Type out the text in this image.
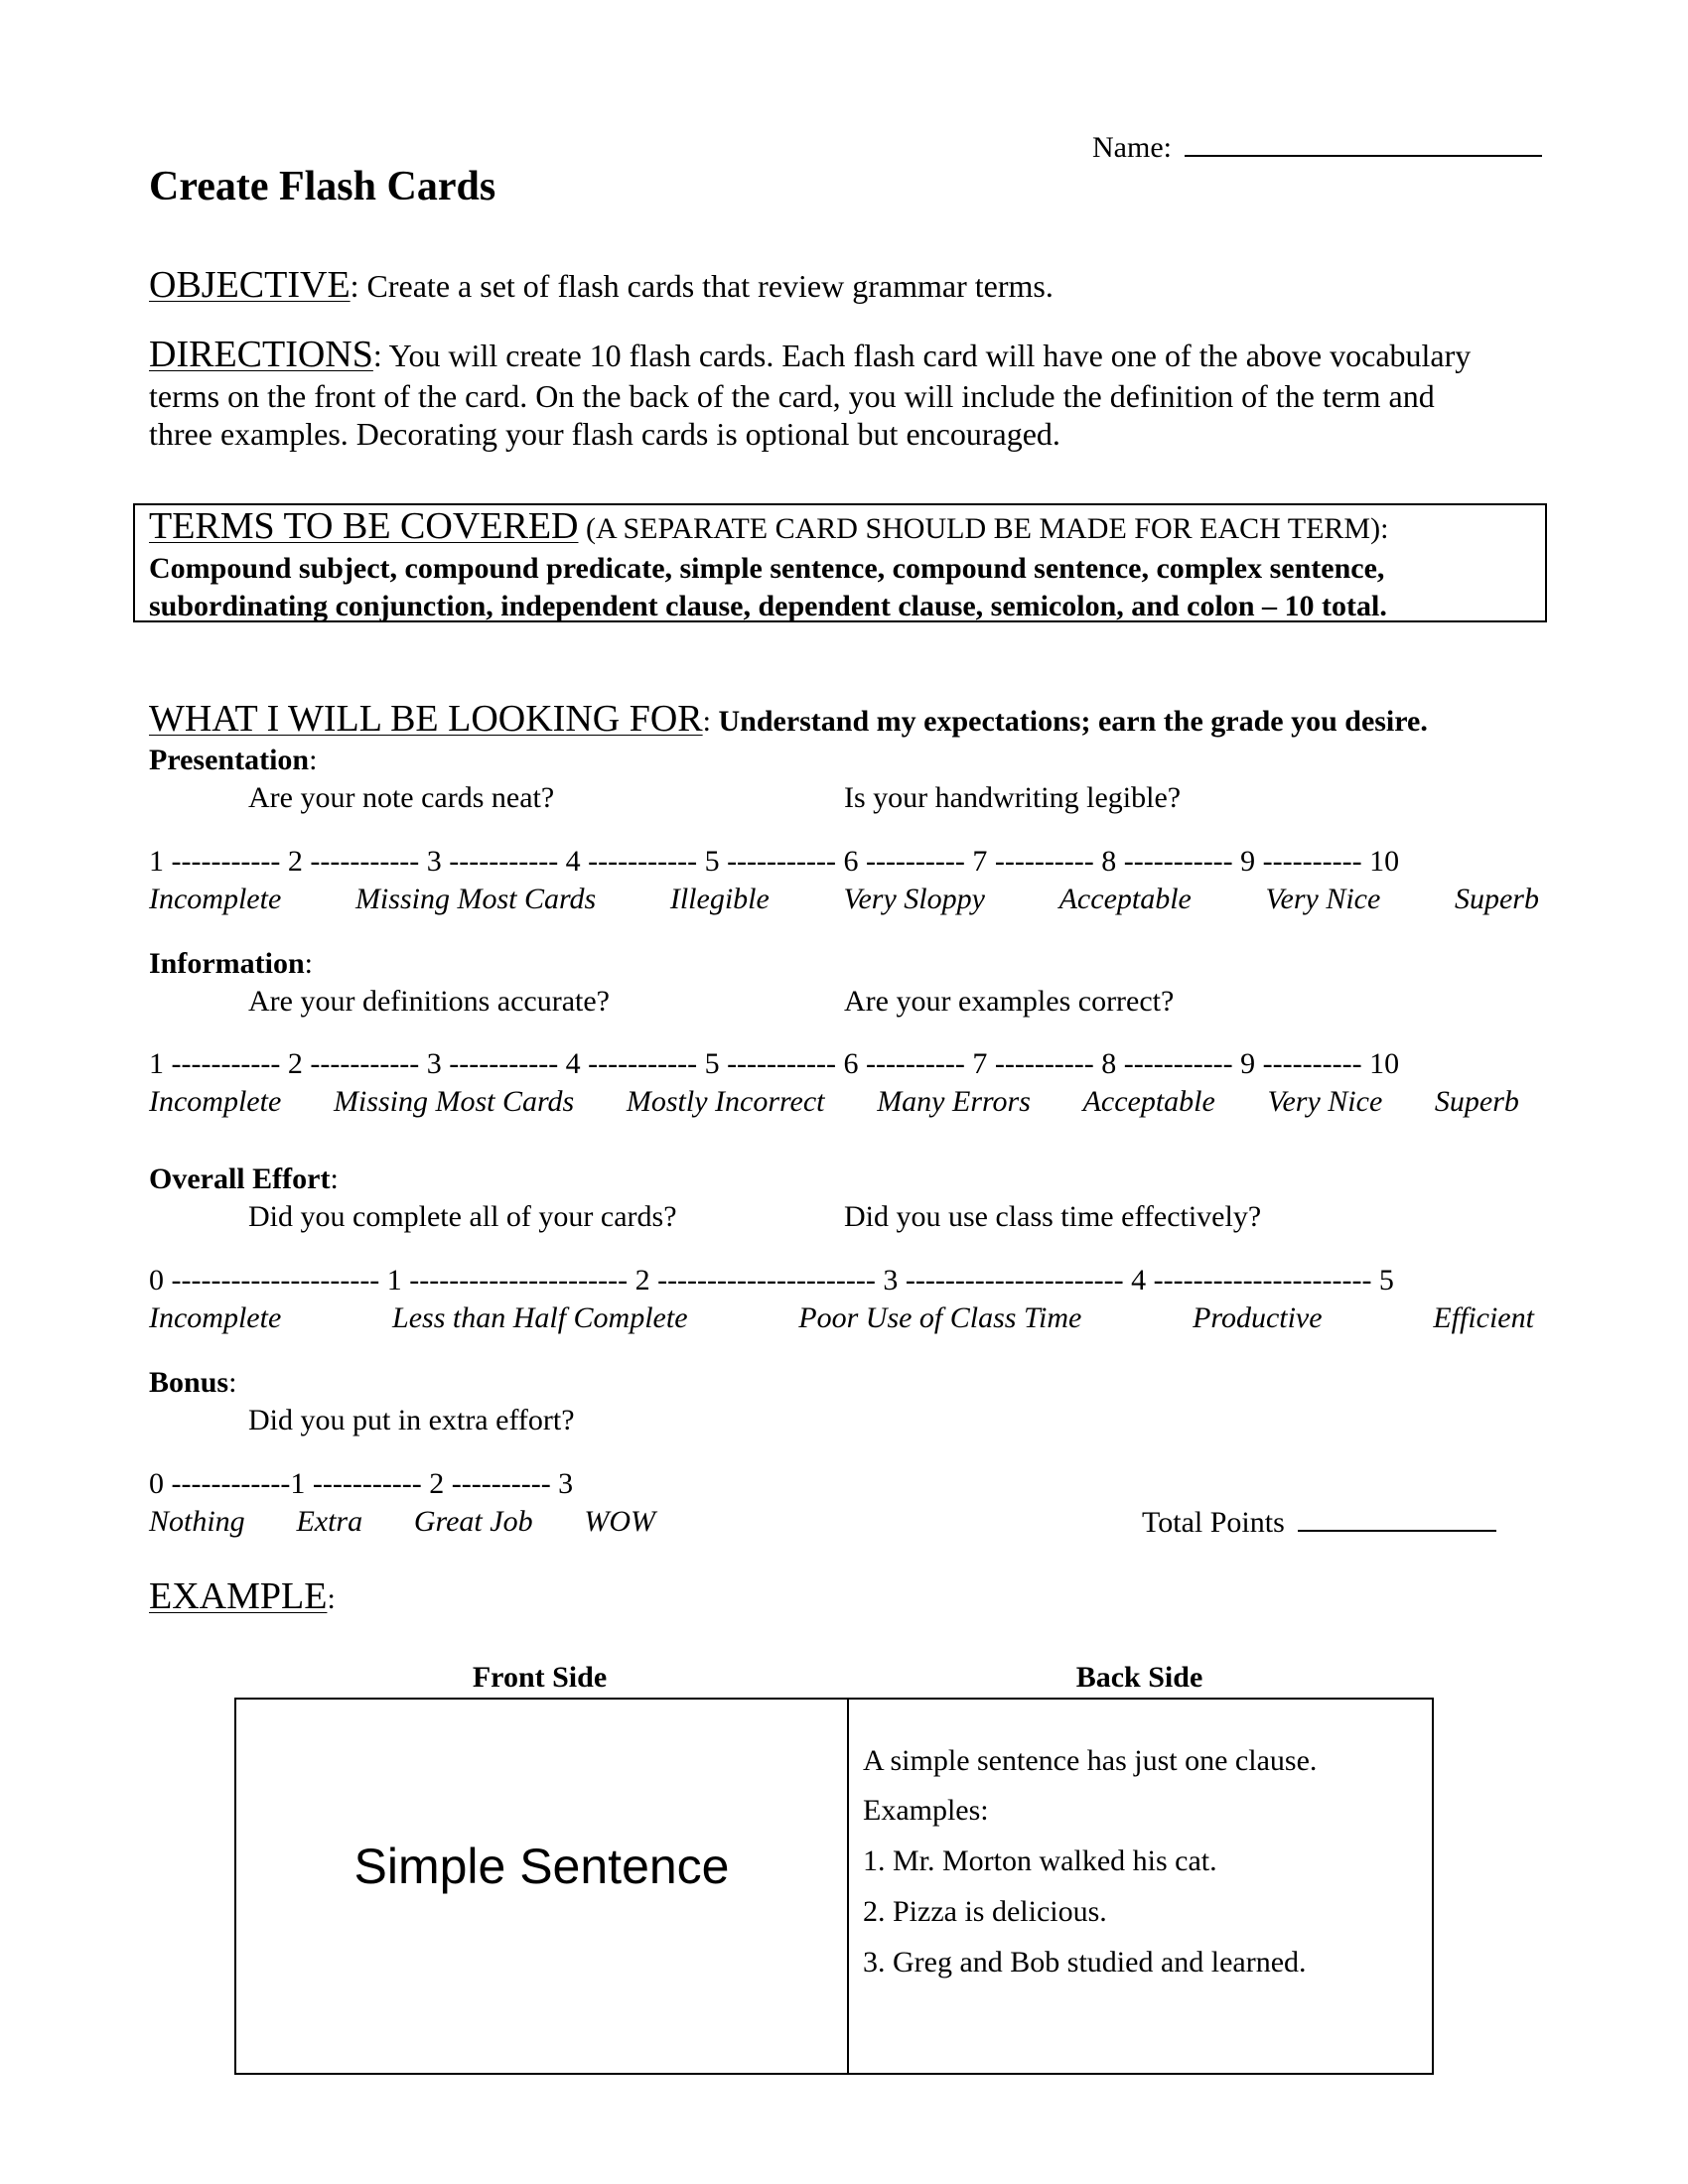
Name:
Create Flash Cards
OBJECTIVE: Create a set of flash cards that review grammar terms.
DIRECTIONS: You will create 10 flash cards. Each flash card will have one of the above vocabulary
terms on the front of the card. On the back of the card, you will include the definition of the term and
three examples. Decorating your flash cards is optional but encouraged.
TERMS TO BE COVERED (A SEPARATE CARD SHOULD BE MADE FOR EACH TERM):
Compound subject, compound predicate, simple sentence, compound sentence, complex sentence,
subordinating conjunction, independent clause, dependent clause, semicolon, and colon – 10 total.
WHAT I WILL BE LOOKING FOR: Understand my expectations; earn the grade you desire.
Presentation:
Are your note cards neat?	Is your handwriting legible?
1 ----------- 2 ----------- 3 ----------- 4 ----------- 5 ----------- 6 ---------- 7 ---------- 8 ----------- 9 ---------- 10
Incomplete Missing Most Cards Illegible Very Sloppy Acceptable Very Nice Superb
Information:
Are your definitions accurate?	Are your examples correct?
1 ----------- 2 ----------- 3 ----------- 4 ----------- 5 ----------- 6 ---------- 7 ---------- 8 ----------- 9 ---------- 10
Incomplete Missing Most Cards Mostly Incorrect Many Errors Acceptable Very Nice Superb
Overall Effort:
Did you complete all of your cards?	Did you use class time effectively?
0 --------------------- 1 ---------------------- 2 ---------------------- 3 ---------------------- 4 ---------------------- 5
Incomplete	Less than Half Complete	Poor Use of Class Time	Productive	Efficient
Bonus:
Did you put in extra effort?
0 ------------1 ----------- 2 ---------- 3
Nothing Extra Great Job WOW	Total Points
EXAMPLE:
Front Side	Back Side
Simple Sentence
A simple sentence has just one clause.
Examples:
1. Mr. Morton walked his cat.
2. Pizza is delicious.
3. Greg and Bob studied and learned.
